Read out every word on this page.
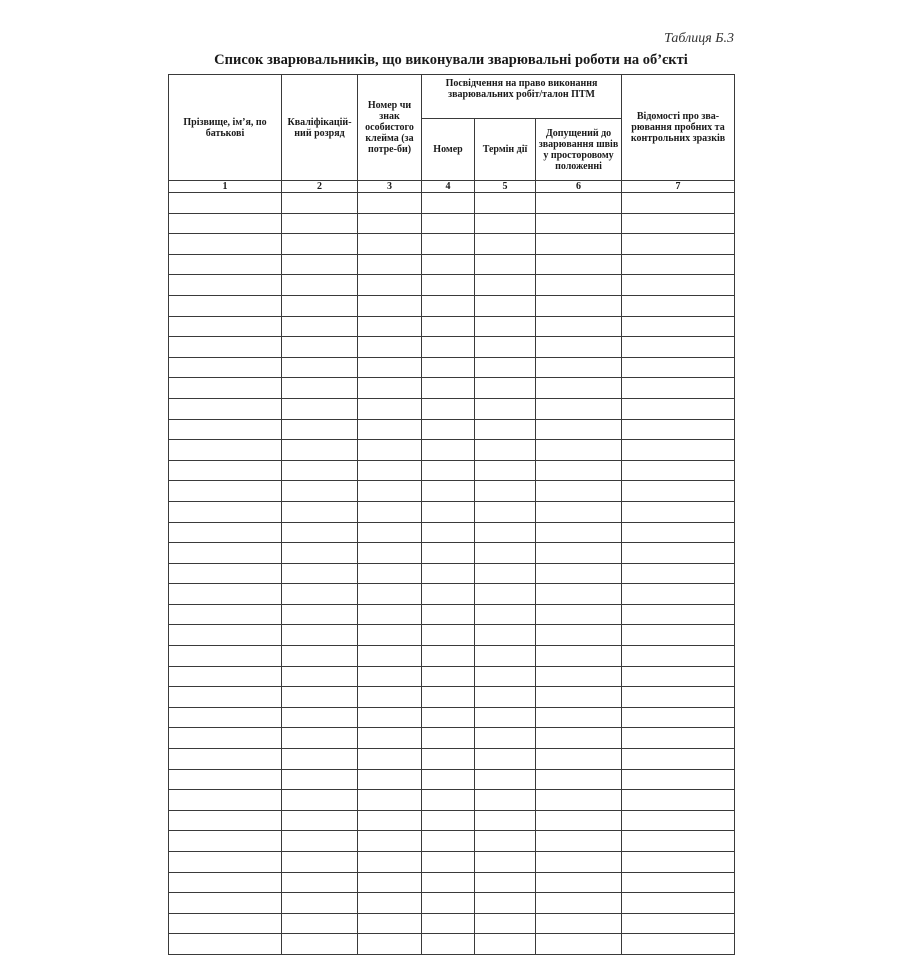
Таблиця Б.3
Список зварювальників, що виконували зварювальні роботи на об’єкті
Прізвище, ім’я, по батькові	Кваліфікацій-ний розряд	Номер чи знак особистого клейма (за потре-би)	Посвідчення на право виконання зварювальних робіт/талон ПТМ			Відомості про зва-рювання пробних та контрольних зразків
			Номер	Термін дії	Допущений до зварювання швів у просторовому положенні	
1	2	3	4	5	6	7
